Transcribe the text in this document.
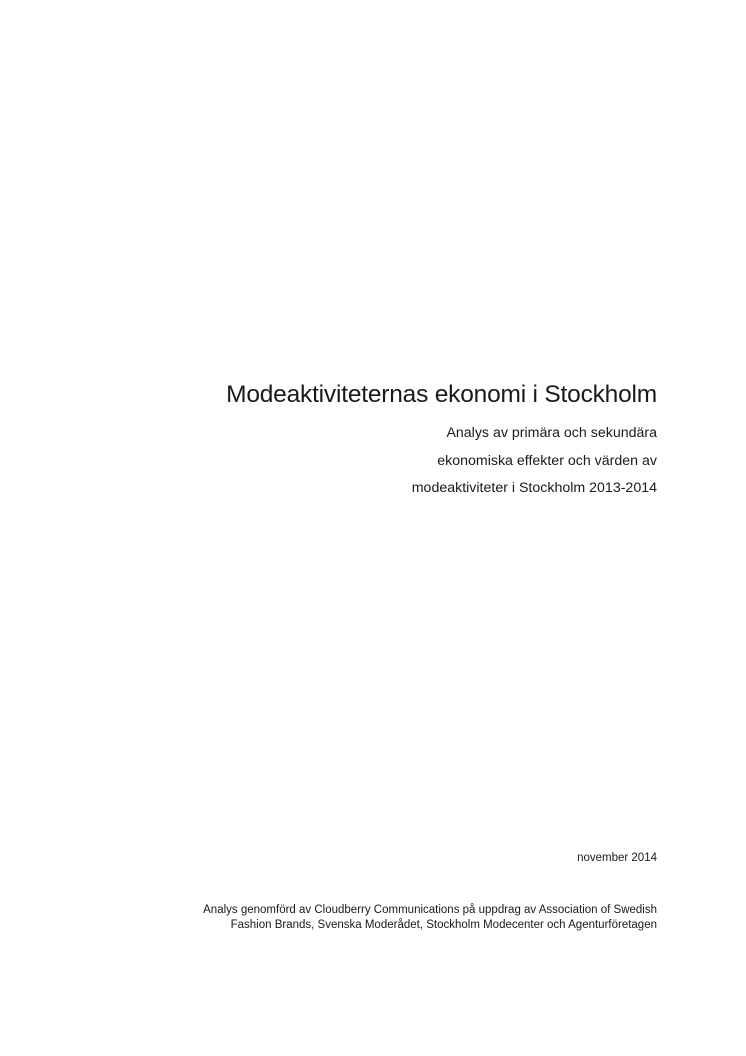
Modeaktiviteternas ekonomi i Stockholm
Analys av primära och sekundära
ekonomiska effekter och värden av
modeaktiviteter i Stockholm 2013-2014
november 2014
Analys genomförd av Cloudberry Communications på uppdrag av Association of Swedish
Fashion Brands, Svenska Moderådet, Stockholm Modecenter och Agenturföretagen
